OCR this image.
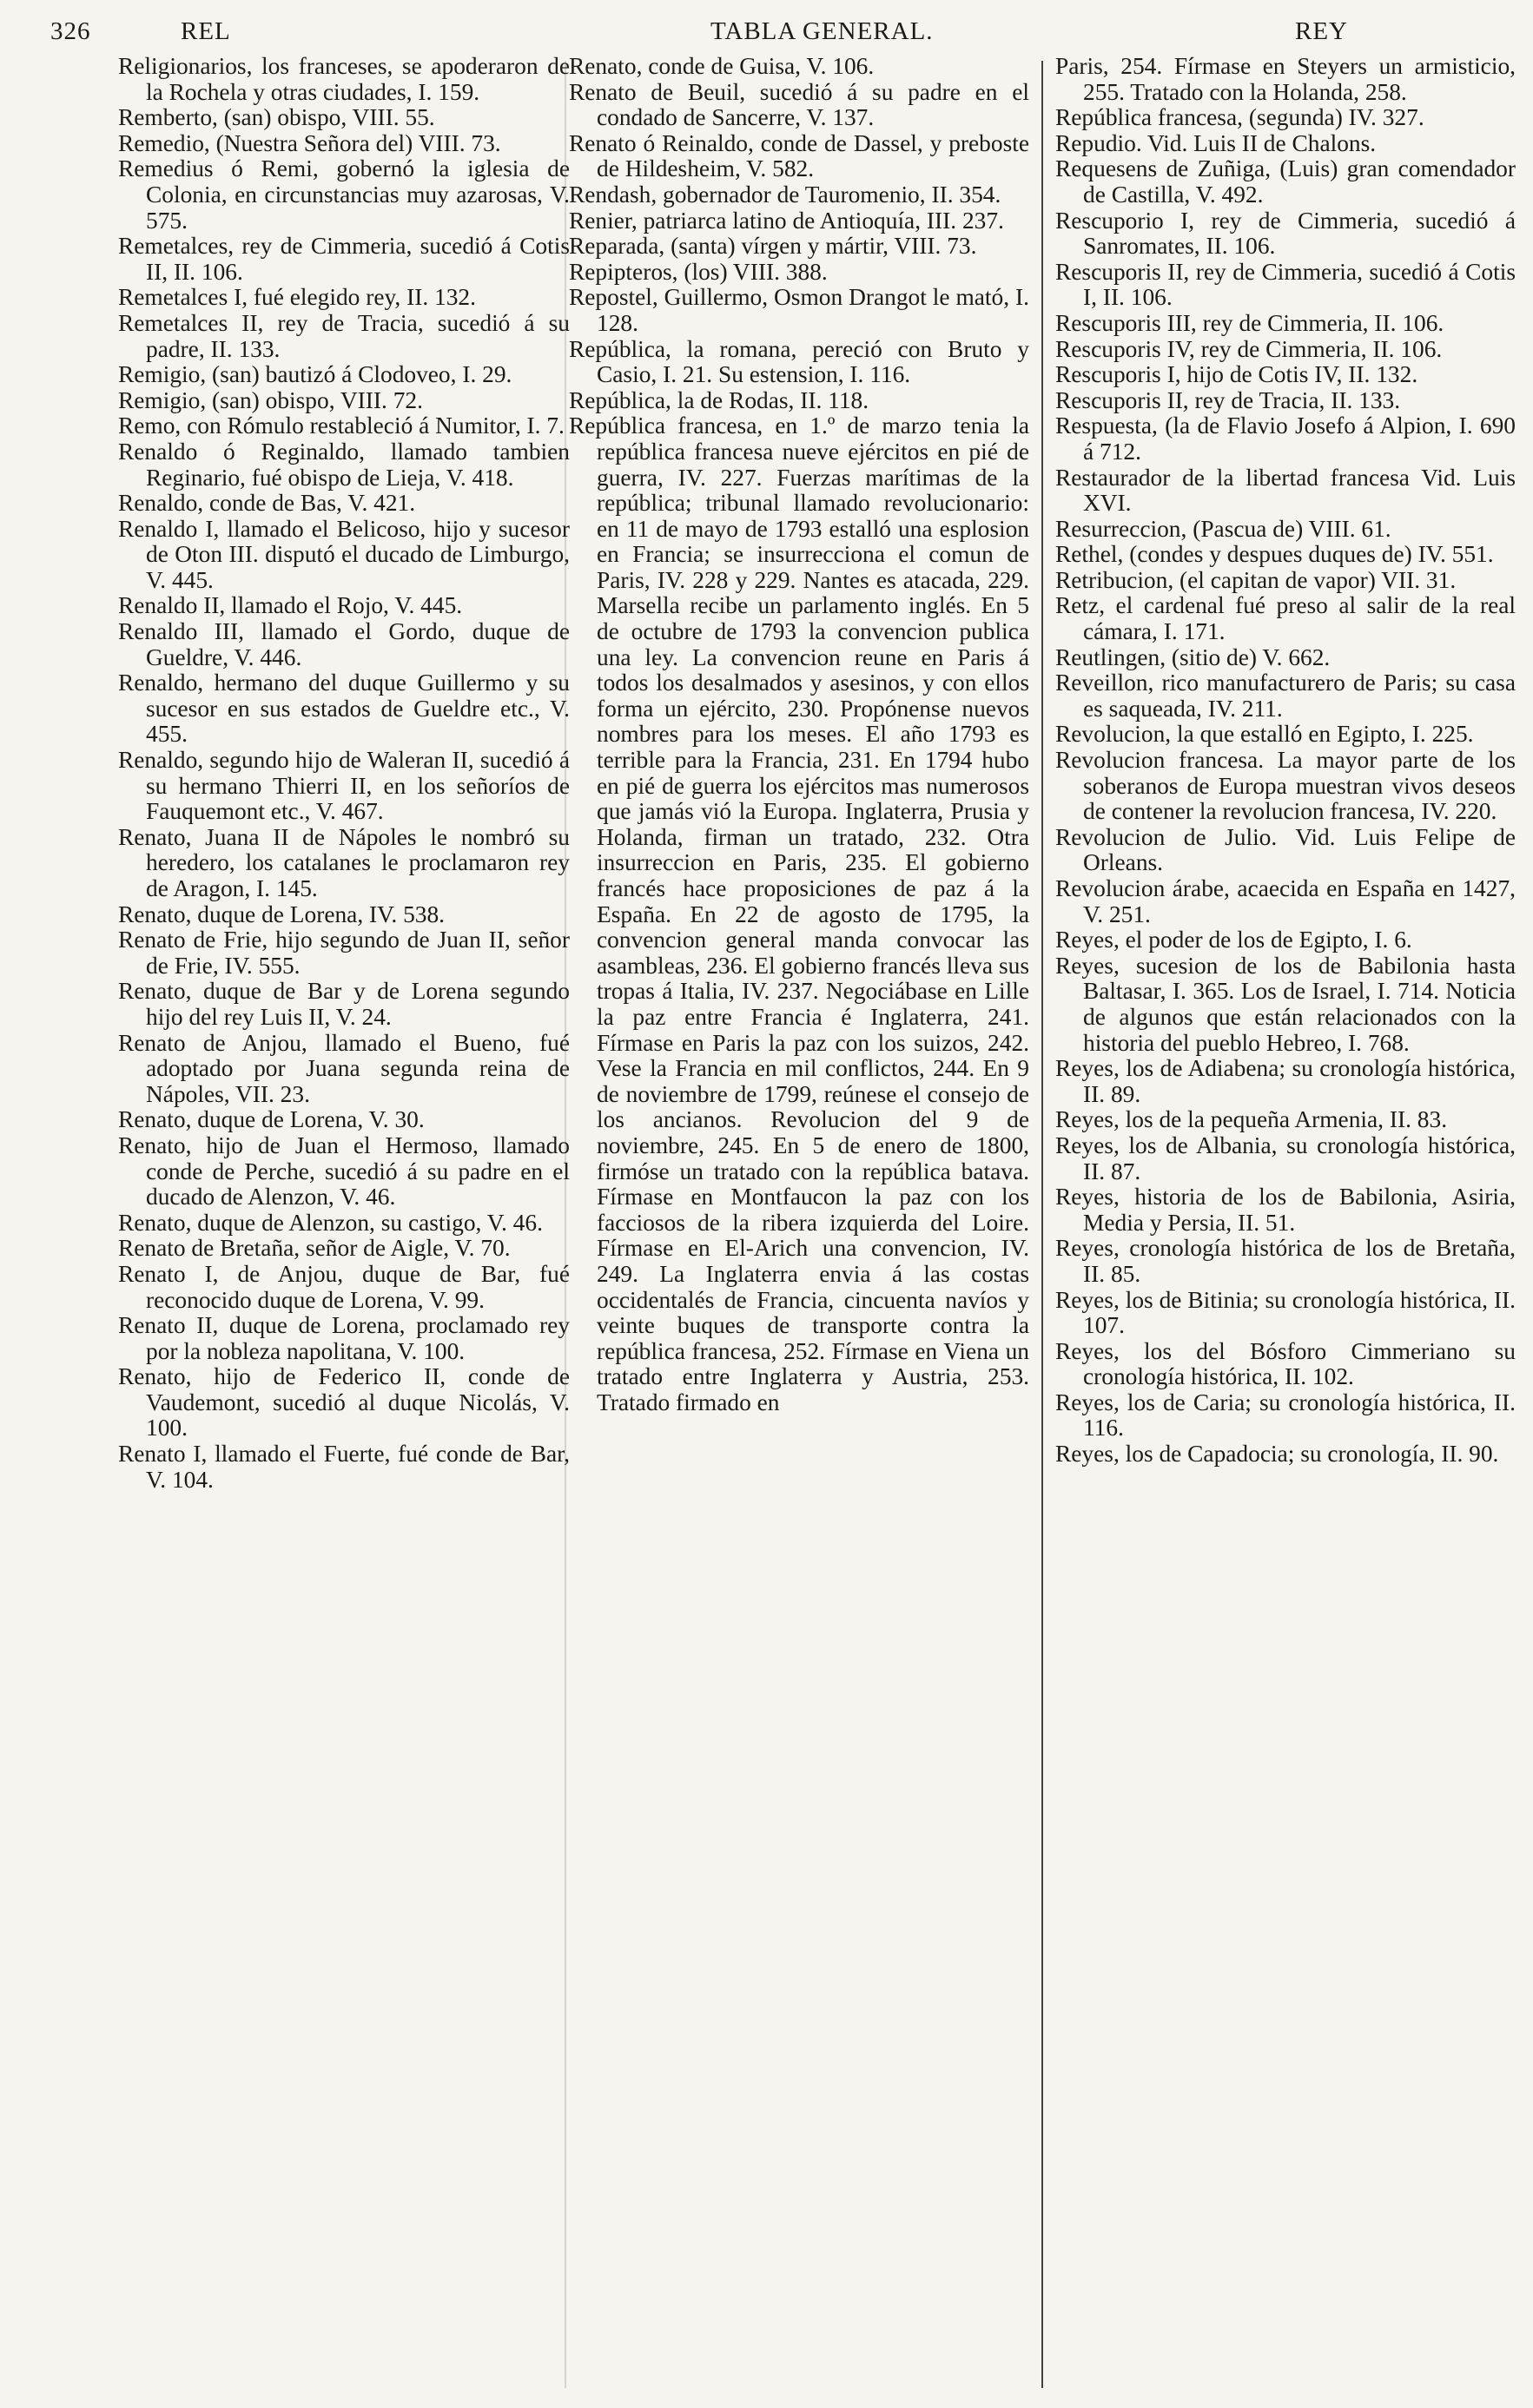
326	REL	TABLA GENERAL.	REY

Religionarios, los franceses, se apoderaron de la Rochela y otras ciudades, I. 159.

Remberto, (san) obispo, VIII. 55.

Remedio, (Nuestra Señora del) VIII. 73.

Remedius ó Remi, gobernó la iglesia de Colonia, en circunstancias muy azarosas, V. 575.

Remetalces, rey de Cimmeria, sucedió á Cotis II, II. 106.

Remetalces I, fué elegido rey, II. 132.

Remetalces II, rey de Tracia, sucedió á su padre, II. 133.

Remigio, (san) bautizó á Clodoveo, I. 29.

Remigio, (san) obispo, VIII. 72.

Remo, con Rómulo restableció á Numitor, I. 7.

Renaldo ó Reginaldo, llamado tambien Reginario, fué obispo de Lieja, V. 418.

Renaldo, conde de Bas, V. 421.

Renaldo I, llamado el Belicoso, hijo y sucesor de Oton III. disputó el ducado de Limburgo, V. 445.

Renaldo II, llamado el Rojo, V. 445.

Renaldo III, llamado el Gordo, duque de Gueldre, V. 446.

Renaldo, hermano del duque Guillermo y su sucesor en sus estados de Gueldre etc., V. 455.

Renaldo, segundo hijo de Waleran II, sucedió á su hermano Thierri II, en los señoríos de Fauquemont etc., V. 467.

Renato, Juana II de Nápoles le nombró su heredero, los catalanes le proclamaron rey de Aragon, I. 145.

Renato, duque de Lorena, IV. 538.

Renato de Frie, hijo segundo de Juan II, señor de Frie, IV. 555.

Renato, duque de Bar y de Lorena segundo hijo del rey Luis II, V. 24.

Renato de Anjou, llamado el Bueno, fué adoptado por Juana segunda reina de Nápoles, VII. 23.

Renato, duque de Lorena, V. 30.

Renato, hijo de Juan el Hermoso, llamado conde de Perche, sucedió á su padre en el ducado de Alenzon, V. 46.

Renato, duque de Alenzon, su castigo, V. 46.

Renato de Bretaña, señor de Aigle, V. 70.

Renato I, de Anjou, duque de Bar, fué reconocido duque de Lorena, V. 99.

Renato II, duque de Lorena, proclamado rey por la nobleza napolitana, V. 100.

Renato, hijo de Federico II, conde de Vaudemont, sucedió al duque Nicolás, V. 100.

Renato I, llamado el Fuerte, fué conde de Bar, V. 104.

Renato, conde de Guisa, V. 106.

Renato de Beuil, sucedió á su padre en el condado de Sancerre, V. 137.

Renato ó Reinaldo, conde de Dassel, y preboste de Hildesheim, V. 582.

Rendash, gobernador de Tauromenio, II. 354.

Renier, patriarca latino de Antioquía, III. 237.

Reparada, (santa) vírgen y mártir, VIII. 73.

Repipteros, (los) VIII. 388.

Repostel, Guillermo, Osmon Drangot le mató, I. 128.

República, la romana, pereció con Bruto y Casio, I. 21. Su estension, I. 116.

República, la de Rodas, II. 118.

República francesa, en 1.º de marzo tenia la república francesa nueve ejércitos en pié de guerra, IV. 227. Fuerzas marítimas de la república; tribunal llamado revolucionario: en 11 de mayo de 1793 estalló una esplosion en Francia; se insurrecciona el comun de Paris, IV. 228 y 229. Nantes es atacada, 229. Marsella recibe un parlamento inglés. En 5 de octubre de 1793 la convencion publica una ley. La convencion reune en Paris á todos los desalmados y asesinos, y con ellos forma un ejército, 230. Propónense nuevos nombres para los meses. El año 1793 es terrible para la Francia, 231. En 1794 hubo en pié de guerra los ejércitos mas numerosos que jamás vió la Europa. Inglaterra, Prusia y Holanda, firman un tratado, 232. Otra insurreccion en Paris, 235. El gobierno francés hace proposiciones de paz á la España. En 22 de agosto de 1795, la convencion general manda convocar las asambleas, 236. El gobierno francés lleva sus tropas á Italia, IV. 237. Negociábase en Lille la paz entre Francia é Inglaterra, 241. Fírmase en Paris la paz con los suizos, 242. Vese la Francia en mil conflictos, 244. En 9 de noviembre de 1799, reúnese el consejo de los ancianos. Revolucion del 9 de noviembre, 245. En 5 de enero de 1800, firmóse un tratado con la república batava. Fírmase en Montfaucon la paz con los facciosos de la ribera izquierda del Loire. Fírmase en El-Arich una convencion, IV. 249. La Inglaterra envia á las costas occidentalés de Francia, cincuenta navíos y veinte buques de transporte contra la república francesa, 252. Fírmase en Viena un tratado entre Inglaterra y Austria, 253. Tratado firmado en

Paris, 254. Fírmase en Steyers un armisticio, 255. Tratado con la Holanda, 258.

República francesa, (segunda) IV. 327.

Repudio. Vid. Luis II de Chalons.

Requesens de Zuñiga, (Luis) gran comendador de Castilla, V. 492.

Rescuporio I, rey de Cimmeria, sucedió á Sanromates, II. 106.

Rescuporis II, rey de Cimmeria, sucedió á Cotis I, II. 106.

Rescuporis III, rey de Cimmeria, II. 106.

Rescuporis IV, rey de Cimmeria, II. 106.

Rescuporis I, hijo de Cotis IV, II. 132.

Rescuporis II, rey de Tracia, II. 133.

Respuesta, (la de Flavio Josefo á Alpion, I. 690 á 712.

Restaurador de la libertad francesa Vid. Luis XVI.

Resurreccion, (Pascua de) VIII. 61.

Rethel, (condes y despues duques de) IV. 551.

Retribucion, (el capitan de vapor) VII. 31.

Retz, el cardenal fué preso al salir de la real cámara, I. 171.

Reutlingen, (sitio de) V. 662.

Reveillon, rico manufacturero de Paris; su casa es saqueada, IV. 211.

Revolucion, la que estalló en Egipto, I. 225.

Revolucion francesa. La mayor parte de los soberanos de Europa muestran vivos deseos de contener la revolucion francesa, IV. 220.

Revolucion de Julio. Vid. Luis Felipe de Orleans.

Revolucion árabe, acaecida en España en 1427, V. 251.

Reyes, el poder de los de Egipto, I. 6.

Reyes, sucesion de los de Babilonia hasta Baltasar, I. 365. Los de Israel, I. 714. Noticia de algunos que están relacionados con la historia del pueblo Hebreo, I. 768.

Reyes, los de Adiabena; su cronología histórica, II. 89.

Reyes, los de la pequeña Armenia, II. 83.

Reyes, los de Albania, su cronología histórica, II. 87.

Reyes, historia de los de Babilonia, Asiria, Media y Persia, II. 51.

Reyes, cronología histórica de los de Bretaña, II. 85.

Reyes, los de Bitinia; su cronología histórica, II. 107.

Reyes, los del Bósforo Cimmeriano su cronología histórica, II. 102.

Reyes, los de Caria; su cronología histórica, II. 116.

Reyes, los de Capadocia; su cronología, II. 90.
